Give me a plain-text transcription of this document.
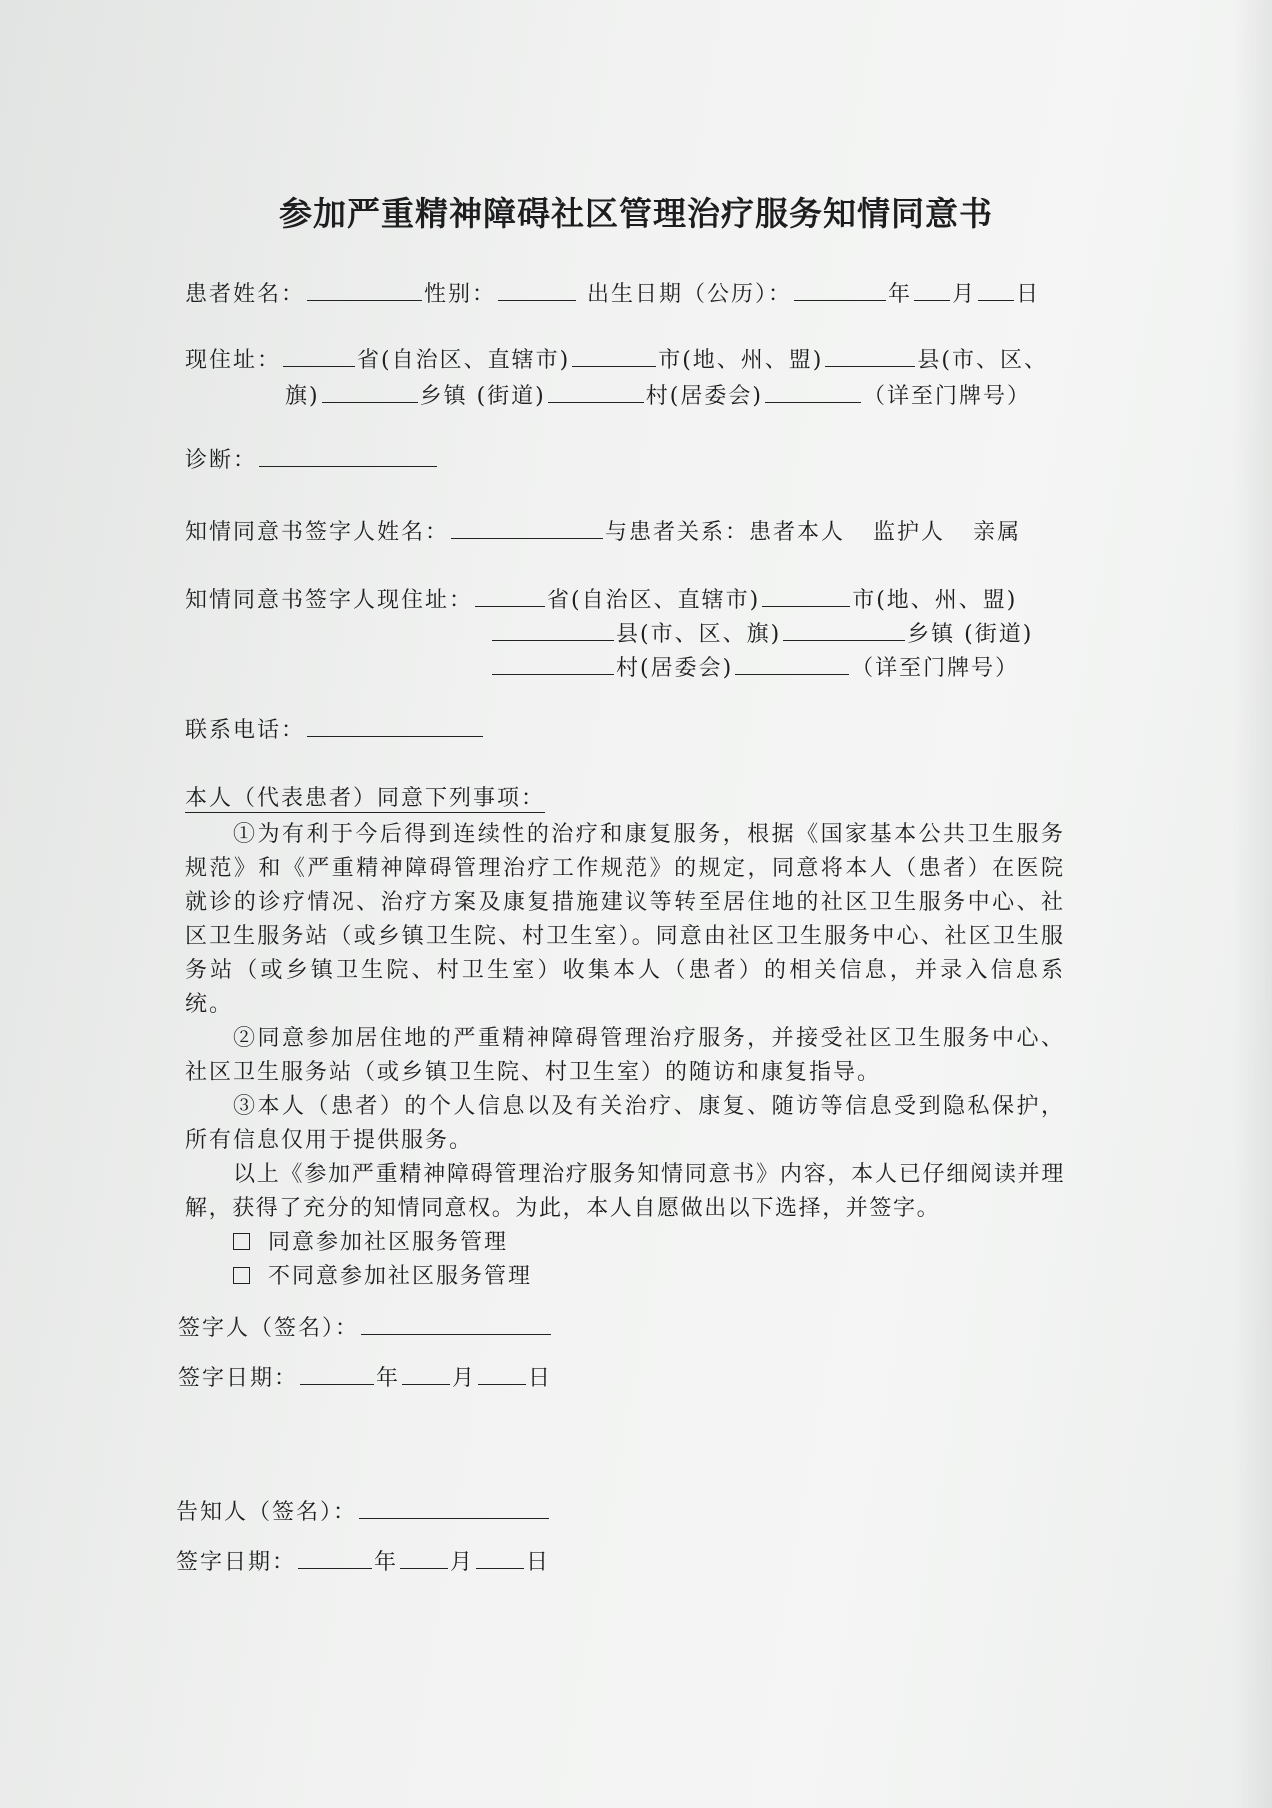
参加严重精神障碍社区管理治疗服务知情同意书
患者姓名：	性别：	出生日期（公历）：	年 月 日
现住址：	省(自治区、直辖市)	市(地、州、盟)	县(市、区、
旗)	乡镇 (街道)	村(居委会)	（详至门牌号）
诊断：
知情同意书签字人姓名：	与患者关系：患者本人 监护人 亲属
知情同意书签字人现住址：	省(自治区、直辖市)	市(地、州、盟)
县(市、区、旗)	乡镇 (街道)
村(居委会)	（详至门牌号）
联系电话：
本人（代表患者）同意下列事项：
①为有利于今后得到连续性的治疗和康复服务，根据《国家基本公共卫生服务规范》和《严重精神障碍管理治疗工作规范》的规定，同意将本人（患者）在医院就诊的诊疗情况、治疗方案及康复措施建议等转至居住地的社区卫生服务中心、社区卫生服务站（或乡镇卫生院、村卫生室）。同意由社区卫生服务中心、社区卫生服务站（或乡镇卫生院、村卫生室）收集本人（患者）的相关信息，并录入信息系统。
②同意参加居住地的严重精神障碍管理治疗服务，并接受社区卫生服务中心、社区卫生服务站（或乡镇卫生院、村卫生室）的随访和康复指导。
③本人（患者）的个人信息以及有关治疗、康复、随访等信息受到隐私保护，所有信息仅用于提供服务。
以上《参加严重精神障碍管理治疗服务知情同意书》内容，本人已仔细阅读并理解，获得了充分的知情同意权。为此，本人自愿做出以下选择，并签字。
同意参加社区服务管理
不同意参加社区服务管理
签字人（签名）：
签字日期：	年 月 日
告知人（签名）：
签字日期：	年 月 日
